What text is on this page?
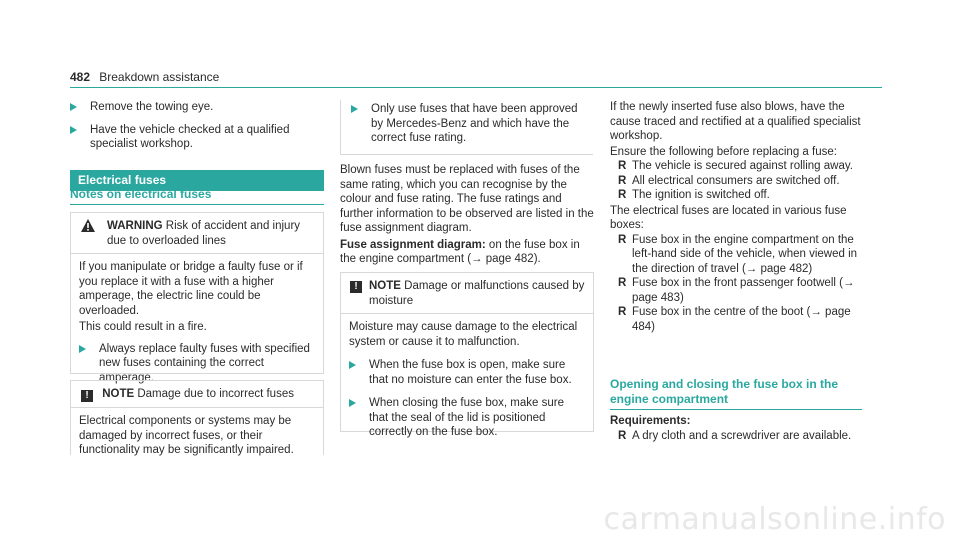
482 Breakdown assistance
Remove the towing eye.
Have the vehicle checked at a qualified specialist workshop.
Electrical fuses
Notes on electrical fuses
WARNING Risk of accident and injury due to overloaded lines
If you manipulate or bridge a faulty fuse or if you replace it with a fuse with a higher amperage, the electric line could be overloaded.
This could result in a fire.
Always replace faulty fuses with specified new fuses containing the correct amperage.
! NOTE Damage due to incorrect fuses
Electrical components or systems may be damaged by incorrect fuses, or their functionality may be significantly impaired.
Only use fuses that have been approved by Mercedes-Benz and which have the correct fuse rating.
Blown fuses must be replaced with fuses of the same rating, which you can recognise by the colour and fuse rating. The fuse ratings and further information to be observed are listed in the fuse assignment diagram.
Fuse assignment diagram: on the fuse box in the engine compartment (→ page 482).
! NOTE Damage or malfunctions caused by moisture
Moisture may cause damage to the electrical system or cause it to malfunction.
When the fuse box is open, make sure that no moisture can enter the fuse box.
When closing the fuse box, make sure that the seal of the lid is positioned correctly on the fuse box.
If the newly inserted fuse also blows, have the cause traced and rectified at a qualified specialist workshop.
Ensure the following before replacing a fuse:
R The vehicle is secured against rolling away.
R All electrical consumers are switched off.
R The ignition is switched off.
The electrical fuses are located in various fuse boxes:
R Fuse box in the engine compartment on the left-hand side of the vehicle, when viewed in the direction of travel (→ page 482)
R Fuse box in the front passenger footwell (→ page 483)
R Fuse box in the centre of the boot (→ page 484)
Opening and closing the fuse box in the engine compartment
Requirements:
R A dry cloth and a screwdriver are available.
carmanualsonline.info
